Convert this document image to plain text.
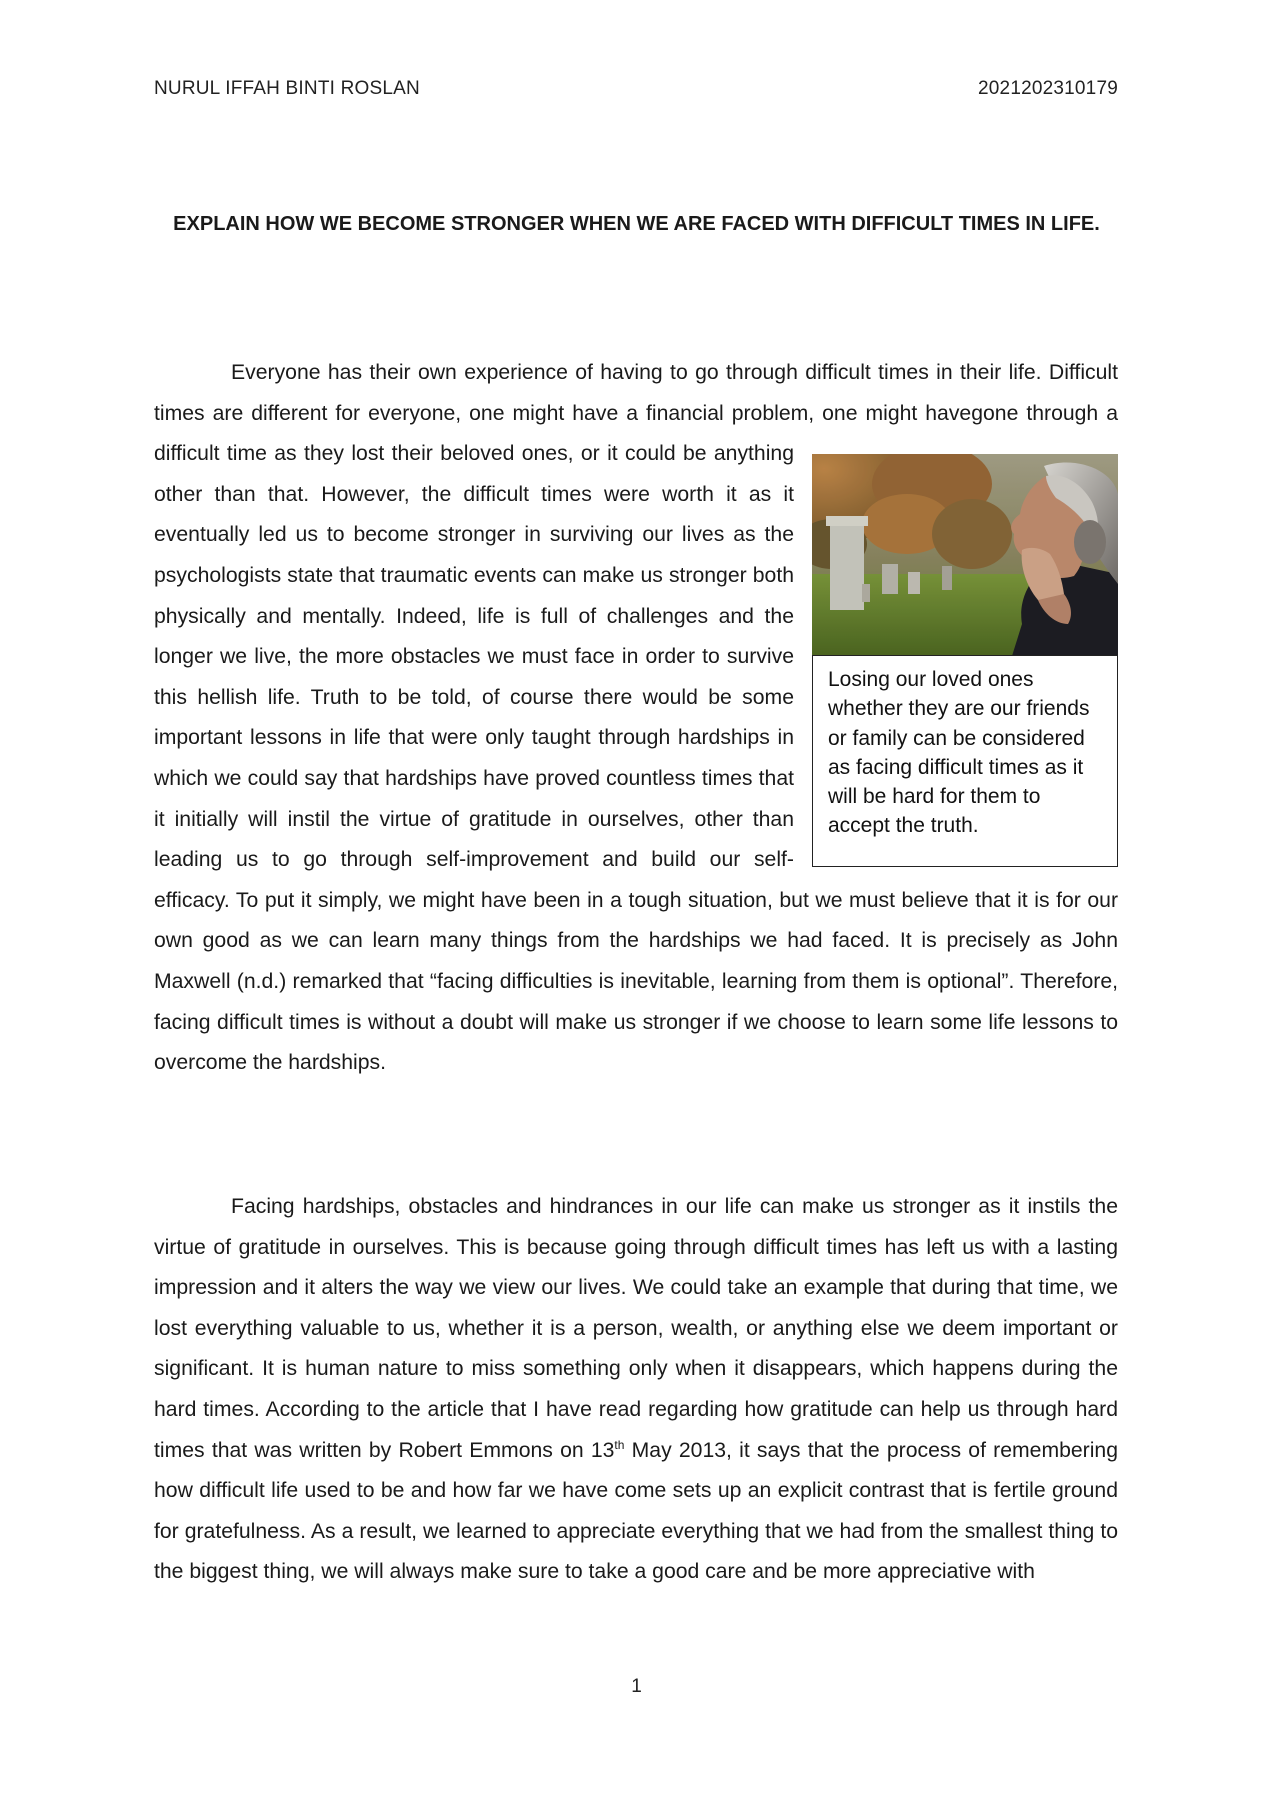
NURUL IFFAH BINTI ROSLAN	2021202310179
EXPLAIN HOW WE BECOME STRONGER WHEN WE ARE FACED WITH DIFFICULT TIMES IN LIFE.

Everyone has their own experience of having to go through difficult times in their life. Difficult times are different for everyone, one might have a financial problem, one might have
Losing our loved ones whether they are our friends or family can be considered as facing difficult times as it will be hard for them to accept the truth.
gone through a difficult time as they lost their beloved ones, or it could be anything other than that. However, the difficult times were worth it as it eventually led us to become stronger in surviving our lives as the psychologists state that traumatic events can make us stronger both physically and mentally. Indeed, life is full of challenges and the longer we live, the more obstacles we must face in order to survive this hellish life. Truth to be told, of course there would be some important lessons in life that were only taught through hardships in which we could say that hardships have proved countless times that it initially will instil the virtue of gratitude in ourselves, other than leading us to go through self-improvement and build our self-efficacy. To put it simply, we might have been in a tough situation, but we must believe that it is for our own good as we can learn many things from the hardships we had faced. It is precisely as John Maxwell (n.d.) remarked that “facing difficulties is inevitable, learning from them is optional”. Therefore, facing difficult times is without a doubt will make us stronger if we choose to learn some life lessons to overcome the hardships.

Facing hardships, obstacles and hindrances in our life can make us stronger as it instils the virtue of gratitude in ourselves. This is because going through difficult times has left us with a lasting impression and it alters the way we view our lives. We could take an example that during that time, we lost everything valuable to us, whether it is a person, wealth, or anything else we deem important or significant. It is human nature to miss something only when it disappears, which happens during the hard times. According to the article that I have read regarding how gratitude can help us through hard times that was written by Robert Emmons on 13th May 2013, it says that the process of remembering how difficult life used to be and how far we have come sets up an explicit contrast that is fertile ground for gratefulness. As a result, we learned to appreciate everything that we had from the smallest thing to the biggest thing, we will always make sure to take a good care and be more appreciative with

1
